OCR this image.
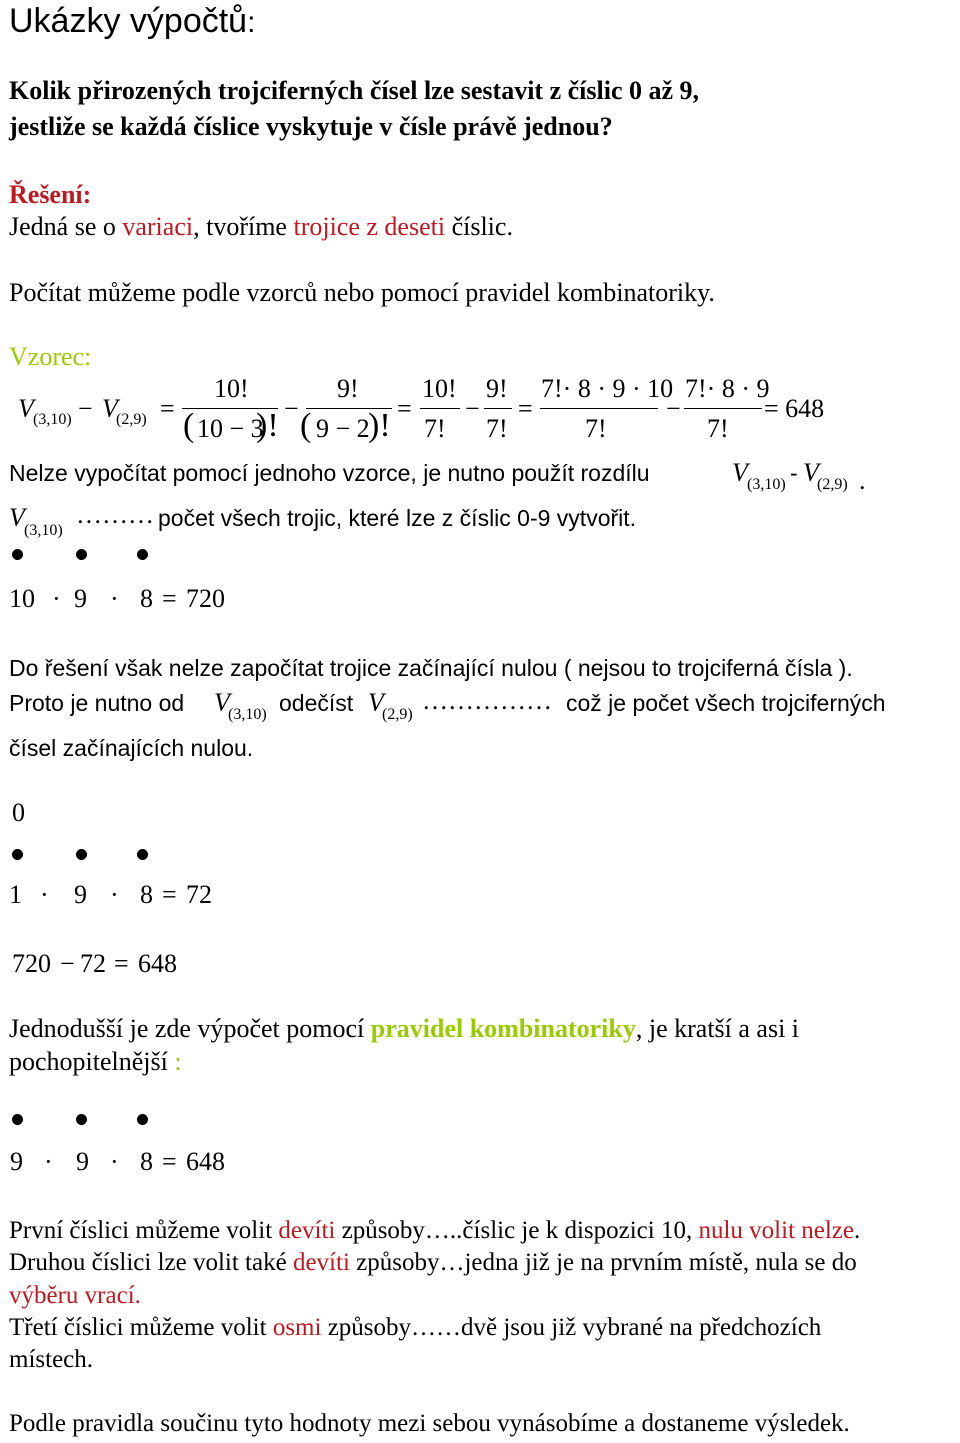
Ukázky výpočtů:
Kolik přirozených trojciferných čísel lze sestavit z číslic 0 až 9,
jestliže se každá číslice vyskytuje v čísle právě jednou?
Řešení:
Jedná se o variaci, tvoříme trojice z deseti číslic.
Počítat můžeme podle vzorců nebo pomocí pravidel kombinatoriky.
Vzorec:
V (3,10) − V
(2,9) =
10!
( 10 − 3
)! −
9!
( 9 − 2
)! =
10!
7!
−
9!
7!
=
7!· 8 · 9 · 10
7!
−
7!· 8 · 9
7!
= 648
Nelze vypočítat pomocí jednoho vzorce, je nutno použít rozdílu	V (3,10) - V
(2,9) .
V (3,10)
……… počet všech trojic, které lze z číslic 0-9 vytvořit.
10 · 9 · 8 = 720
Do řešení však nelze započítat trojice začínající nulou ( nejsou to trojciferná čísla ).
Proto je nutno od V
(3,10) odečíst V
(2,9) …………… což je počet všech trojciferných
čísel začínajících nulou.
0
1 · 9 · 8 = 72
720 − 72 = 648
Jednodušší je zde výpočet pomocí pravidel kombinatoriky, je kratší a asi i
pochopitelnější :
9 · 9 · 8 = 648
První číslici můžeme volit devíti způsoby…..číslic je k dispozici 10, nulu volit nelze.
Druhou číslici lze volit také devíti způsoby…jedna již je na prvním místě, nula se do
výběru vrací.
Třetí číslici můžeme volit osmi způsoby……dvě jsou již vybrané na předchozích
místech.
Podle pravidla součinu tyto hodnoty mezi sebou vynásobíme a dostaneme výsledek.
